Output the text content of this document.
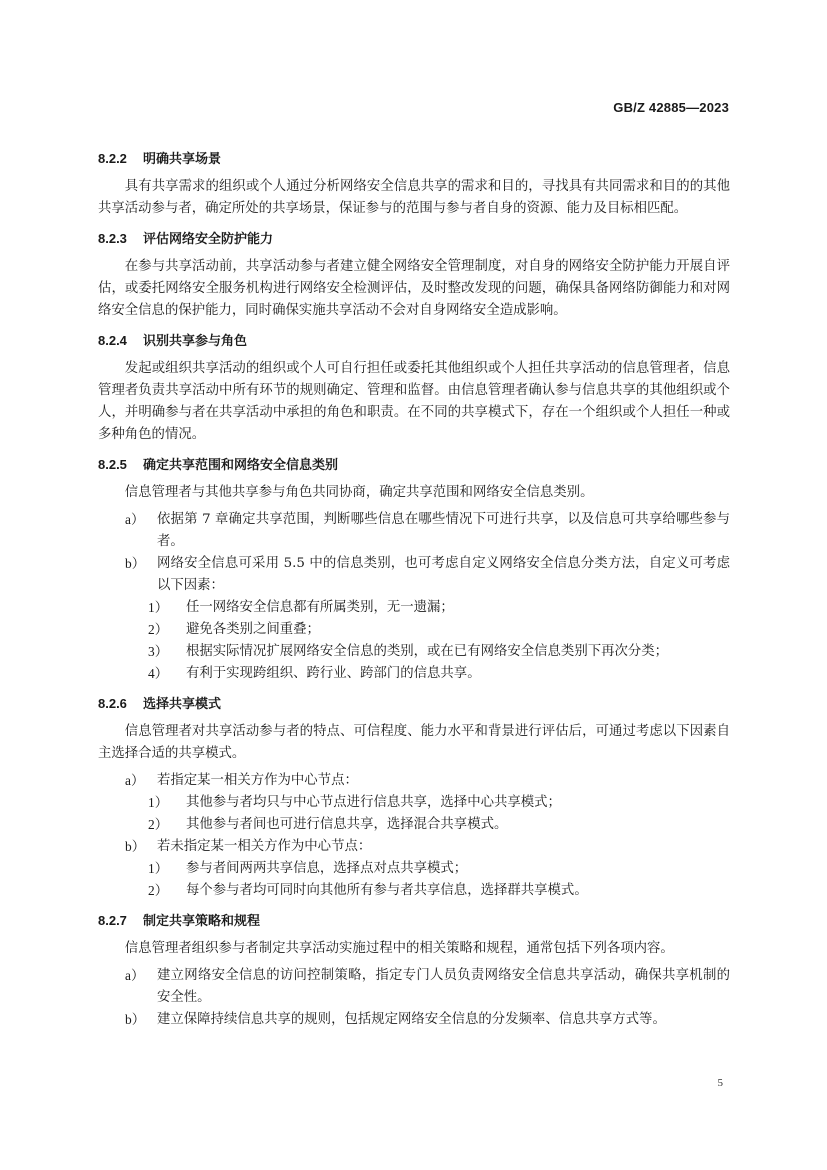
GB/Z 42885—2023
8.2.2 明确共享场景
具有共享需求的组织或个人通过分析网络安全信息共享的需求和目的，寻找具有共同需求和目的的其他共享活动参与者，确定所处的共享场景，保证参与的范围与参与者自身的资源、能力及目标相匹配。
8.2.3 评估网络安全防护能力
在参与共享活动前，共享活动参与者建立健全网络安全管理制度，对自身的网络安全防护能力开展自评估，或委托网络安全服务机构进行网络安全检测评估，及时整改发现的问题，确保具备网络防御能力和对网络安全信息的保护能力，同时确保实施共享活动不会对自身网络安全造成影响。
8.2.4 识别共享参与角色
发起或组织共享活动的组织或个人可自行担任或委托其他组织或个人担任共享活动的信息管理者，信息管理者负责共享活动中所有环节的规则确定、管理和监督。由信息管理者确认参与信息共享的其他组织或个人，并明确参与者在共享活动中承担的角色和职责。在不同的共享模式下，存在一个组织或个人担任一种或多种角色的情况。
8.2.5 确定共享范围和网络安全信息类别
信息管理者与其他共享参与角色共同协商，确定共享范围和网络安全信息类别。
a） 依据第 7 章确定共享范围，判断哪些信息在哪些情况下可进行共享，以及信息可共享给哪些参与者。
b） 网络安全信息可采用 5.5 中的信息类别，也可考虑自定义网络安全信息分类方法，自定义可考虑以下因素：
1）	任一网络安全信息都有所属类别，无一遗漏；
2）	避免各类别之间重叠；
3）	根据实际情况扩展网络安全信息的类别，或在已有网络安全信息类别下再次分类；
4）	有利于实现跨组织、跨行业、跨部门的信息共享。
8.2.6 选择共享模式
信息管理者对共享活动参与者的特点、可信程度、能力水平和背景进行评估后，可通过考虑以下因素自主选择合适的共享模式。
a） 若指定某一相关方作为中心节点：
1）	其他参与者均只与中心节点进行信息共享，选择中心共享模式；
2）	其他参与者间也可进行信息共享，选择混合共享模式。
b） 若未指定某一相关方作为中心节点：
1）	参与者间两两共享信息，选择点对点共享模式；
2）	每个参与者均可同时向其他所有参与者共享信息，选择群共享模式。
8.2.7 制定共享策略和规程
信息管理者组织参与者制定共享活动实施过程中的相关策略和规程，通常包括下列各项内容。
a） 建立网络安全信息的访问控制策略，指定专门人员负责网络安全信息共享活动，确保共享机制的安全性。
b） 建立保障持续信息共享的规则，包括规定网络安全信息的分发频率、信息共享方式等。
5
